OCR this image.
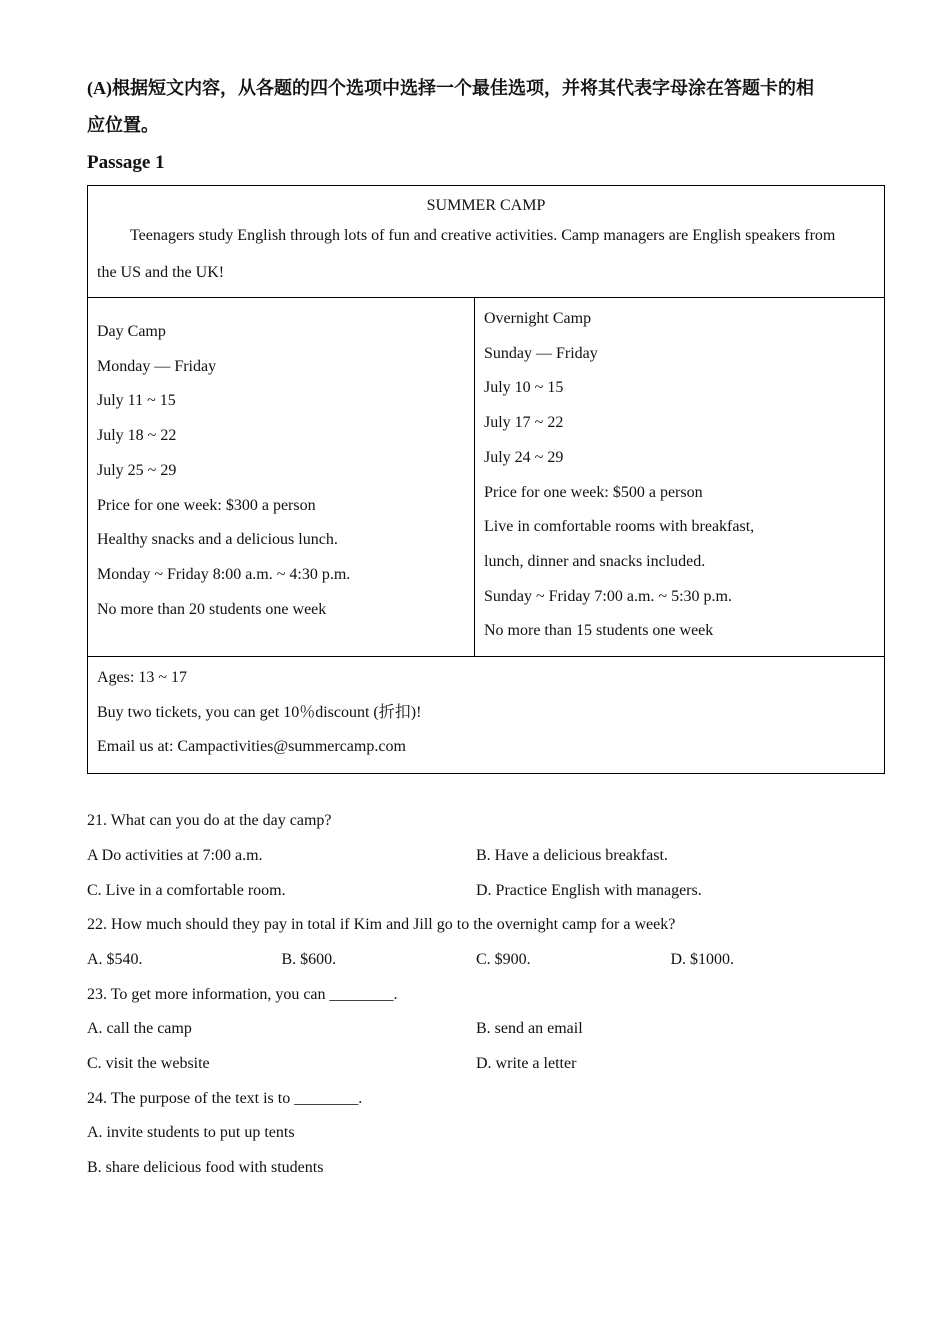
(A)根据短文内容，从各题的四个选项中选择一个最佳选项，并将其代表字母涂在答题卡的相
应位置。

Passage 1

SUMMER CAMP
Teenagers study English through lots of fun and creative activities. Camp managers are English speakers from
the US and the UK!

Day Camp

Monday — Friday

July 11 ~ 15

July 18 ~ 22

July 25 ~ 29

Price for one week: $300 a person

Healthy snacks and a delicious lunch.

Monday ~ Friday 8:00 a.m. ~ 4:30 p.m.

No more than 20 students one week

Overnight Camp

Sunday — Friday

July 10 ~ 15

July 17 ~ 22

July 24 ~ 29

Price for one week: $500 a person

Live in comfortable rooms with breakfast,

lunch, dinner and snacks included.

Sunday ~ Friday 7:00 a.m. ~ 5:30 p.m.

No more than 15 students one week

Ages: 13 ~ 17

Buy two tickets, you can get 10％discount (折扣)!

Email us at: Campactivities@summercamp.com

21. What can you do at the day camp?

A Do activities at 7:00 a.m.	B. Have a delicious breakfast.
C. Live in a comfortable room.	D. Practice English with managers.

22. How much should they pay in total if Kim and Jill go to the overnight camp for a week?

A. $540.	B. $600.	C. $900.	D. $1000.

23. To get more information, you can ________.

A. call the camp	B. send an email
C. visit the website	D. write a letter

24. The purpose of the text is to ________.

A. invite students to put up tents

B. share delicious food with students
